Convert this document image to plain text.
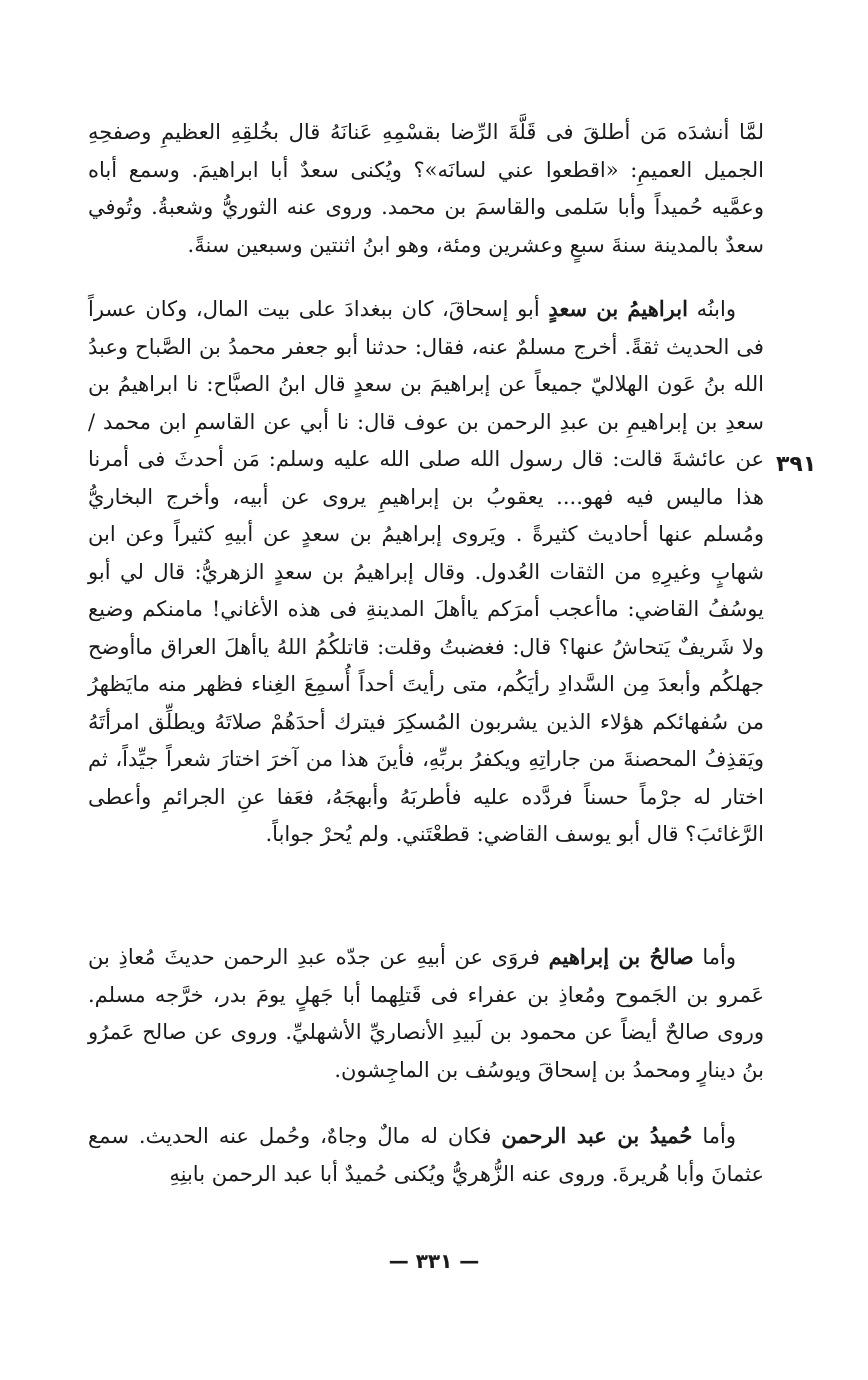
لمَّا أنشدَه مَن أطلقَ فى قَلَّةَ الرِّضا بقسْمِهِ عَنانَهُ قال بخُلقِهِ العظيمِ وصفحِهِ الجميل العميمِ: «اقطعوا عني لسانَه»؟ ويُكنى سعدٌ أبا ابراهيمَ. وسمع أباه وعمَّيه حُميداً وأبا سَلمى والقاسمَ بن محمد. وروى عنه الثوريُّ وشعبةُ. وتُوفي سعدٌ بالمدينة سنةَ سبعٍ وعشرين ومئة، وهو ابنُ اثنتين وسبعين سنةً.

وابنُه ابراهيمُ بن سعدٍ أبو إسحاقَ، كان ببغدادَ على بيت المال، وكان عسراً فى الحديث ثقةً. أخرج مسلمٌ عنه، فقال: حدثنا أبو جعفر محمدُ بن الصَّباح وعبدُ الله بنُ عَون الهلاليّ جميعاً عن إبراهيمَ بن سعدٍ قال ابنُ الصبَّاح: نا ابراهيمُ بن سعدِ بن إبراهيمِ بن عبدِ الرحمن بن عوف قال: نا أبي عن القاسمِ ابن محمد / عن عائشةَ قالت: قال رسول الله صلى الله عليه وسلم: مَن أحدثَ فى أمرنا هذا ماليس فيه فهو.... يعقوبُ بن إبراهيمِ يروى عن أبيه، وأخرج البخاريُّ ومُسلم عنها أحاديث كثيرةً . ويَروى إبراهيمُ بن سعدٍ عن أبيهِ كثيراً وعن ابن شهابٍ وغيرِهِ من الثقات العُدول. وقال إبراهيمُ بن سعدٍ الزهريُّ: قال لي أبو يوسُفُ القاضي: ماأعجب أمرَكم ياأهلَ المدينةِ فى هذه الأغاني! مامنكم وضيع ولا شَريفٌ يَتحاشُ عنها؟ قال: فغضبتُ وقلت: قاتلكُمُ اللهُ ياأهلَ العراق ماأوضح جهلكُم وأبعدَ مِن السَّدادِ رأيَكُم، متى رأيتَ أحداً أُسمِعَ الغِناء فظهر منه مايَظهرُ من سُفهائكم هؤلاء الذين يشربون المُسكِرَ فيترك أحدَهُمْ صلاتَهُ ويطلِّق امرأتَهُ ويَقذِفُ المحصنةَ من جاراتِهِ ويكفرُ بربِّهِ، فأينَ هذا من آخرَ اختارَ شعراً جيِّداً، ثم اختار له جرْماً حسناً فردَّده عليه فأطربَهُ وأبهجَهُ، فعَفا عنِ الجرائمِ وأعطى الرَّغائبَ؟ قال أبو يوسف القاضي: قطعْتَني. ولم يُحرْ جواباً.

٣٩١

وأما صالحُ بن إبراهيم فروَى عن أبيهِ عن جدّه عبدِ الرحمن حديثَ مُعاذِ بن عَمرو بن الجَموح ومُعاذِ بن عفراء فى قَتلِهما أبا جَهلٍ يومَ بدر، خرَّجه مسلم. وروى صالحٌ أيضاً عن محمود بن لَبيدِ الأنصاريِّ الأشهليِّ. وروى عن صالح عَمرُو بنُ دينارٍ ومحمدُ بن إسحاقَ ويوسُف بن الماجِشون.

وأما حُميدُ بن عبد الرحمن فكان له مالٌ وجاهٌ، وحُمل عنه الحديث. سمع عثمانَ وأبا هُريرةَ. وروى عنه الزُّهريُّ ويُكنى حُميدٌ أبا عبد الرحمن بابنِهِ

— ٣٣١ —
